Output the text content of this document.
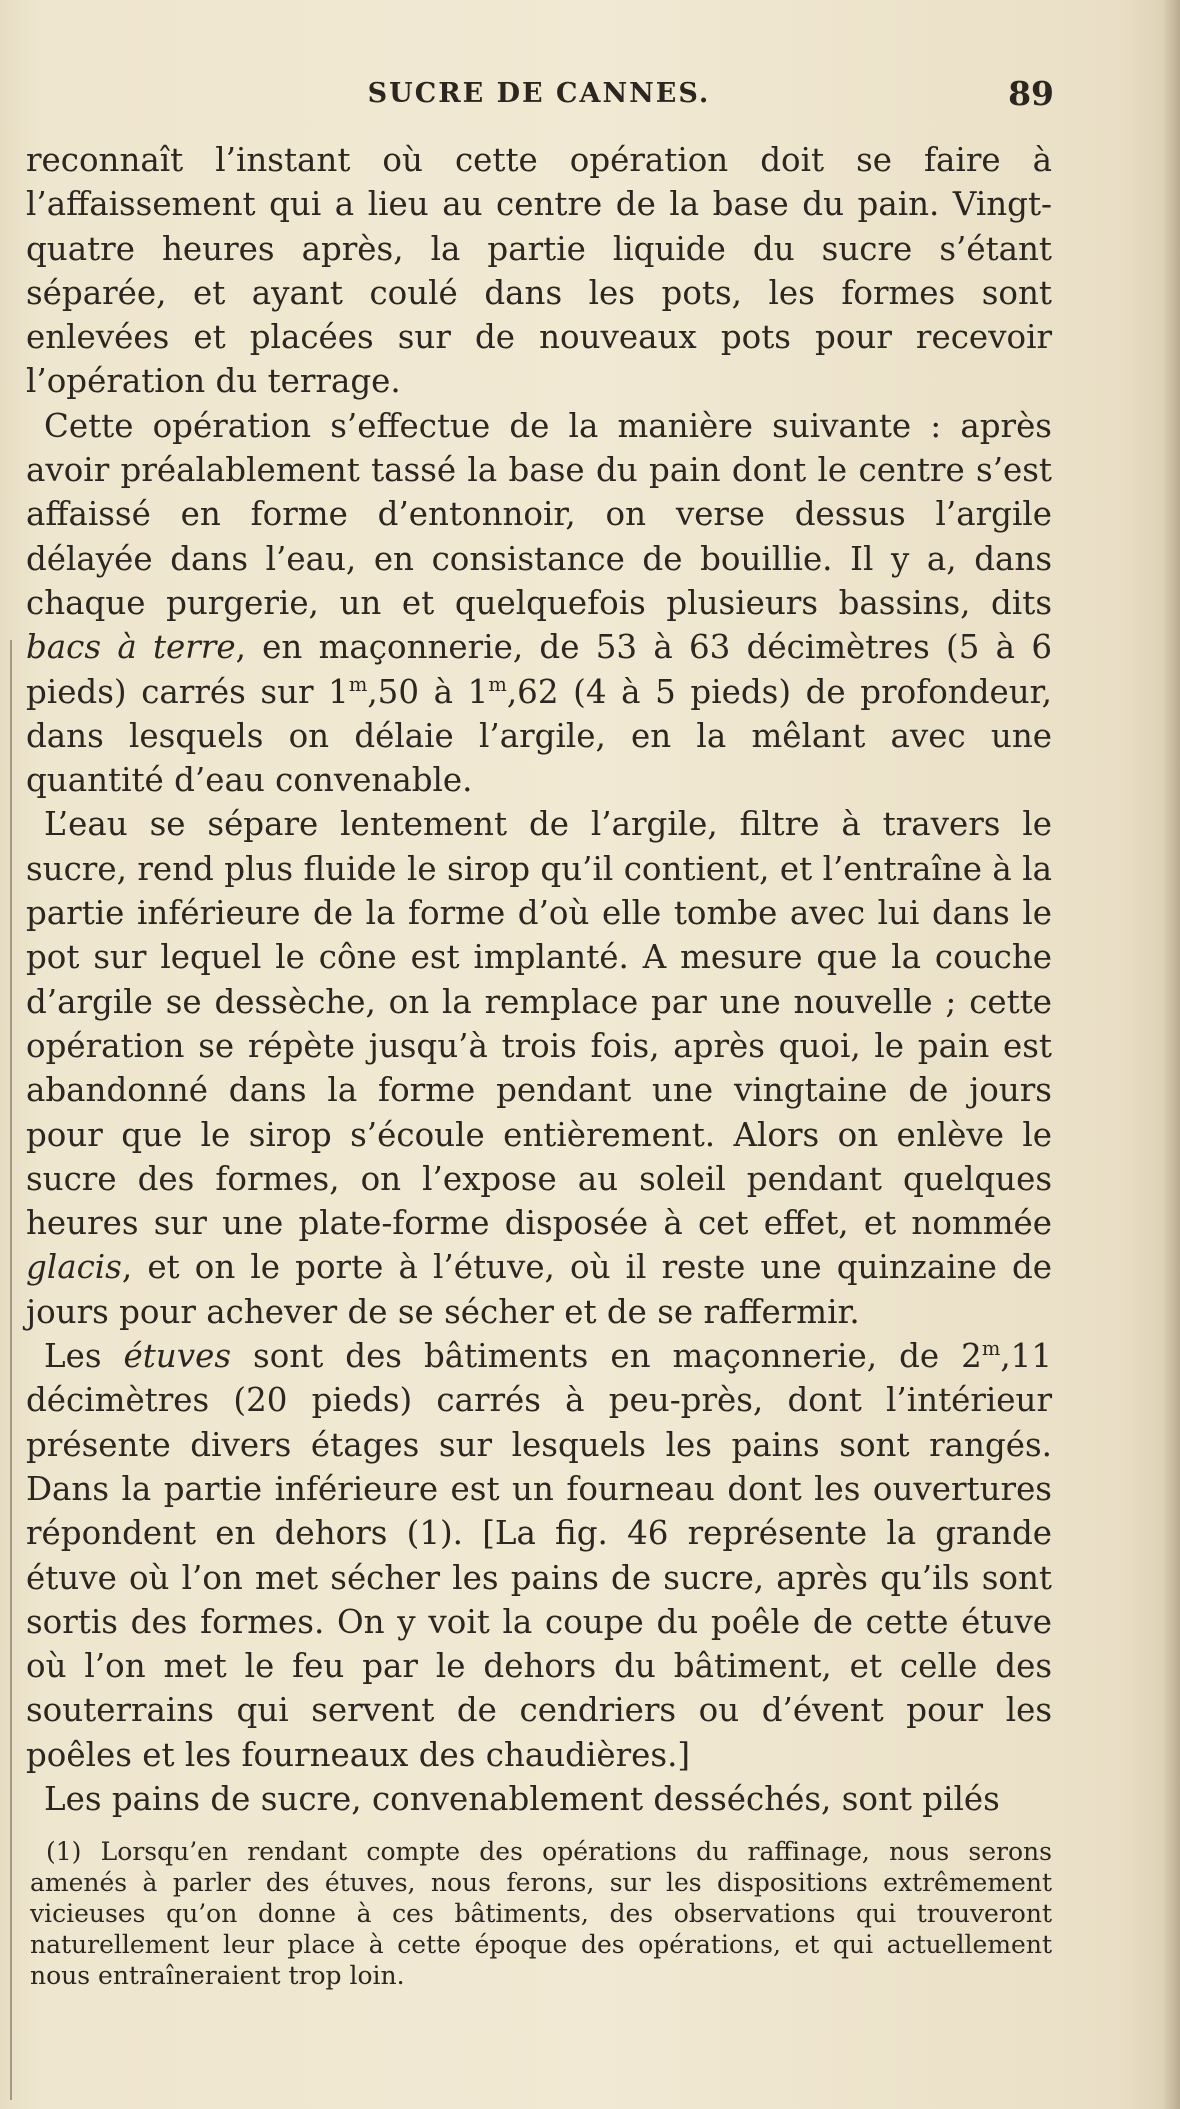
SUCRE DE CANNES.	89

reconnaît l’instant où cette opération doit se faire à l’affaissement qui a lieu au centre de la base du pain. Vingt-quatre heures après, la partie liquide du sucre s’étant séparée, et ayant coulé dans les pots, les formes sont enlevées et placées sur de nouveaux pots pour recevoir l’opération du terrage.

Cette opération s’effectue de la manière suivante : après avoir préalablement tassé la base du pain dont le centre s’est affaissé en forme d’entonnoir, on verse dessus l’argile délayée dans l’eau, en consistance de bouillie. Il y a, dans chaque purgerie, un et quelquefois plusieurs bassins, dits bacs à terre, en maçonnerie, de 53 à 63 décimètres (5 à 6 pieds) carrés sur 1$^m$,50 à 1$^m$,62 (4 à 5 pieds) de profondeur, dans lesquels on délaie l’argile, en la mêlant avec une quantité d’eau convenable.

L’eau se sépare lentement de l’argile, filtre à travers le sucre, rend plus fluide le sirop qu’il contient, et l’entraîne à la partie inférieure de la forme d’où elle tombe avec lui dans le pot sur lequel le cône est implanté. A mesure que la couche d’argile se dessèche, on la remplace par une nouvelle ; cette opération se répète jusqu’à trois fois, après quoi, le pain est abandonné dans la forme pendant une vingtaine de jours pour que le sirop s’écoule entièrement. Alors on enlève le sucre des formes, on l’expose au soleil pendant quelques heures sur une plate-forme disposée à cet effet, et nommée glacis, et on le porte à l’étuve, où il reste une quinzaine de jours pour achever de se sécher et de se raffermir.

Les étuves sont des bâtiments en maçonnerie, de 2$^m$,11 décimètres (20 pieds) carrés à peu-près, dont l’intérieur présente divers étages sur lesquels les pains sont rangés. Dans la partie inférieure est un fourneau dont les ouvertures répondent en dehors (1). [La fig. 46 représente la grande étuve où l’on met sécher les pains de sucre, après qu’ils sont sortis des formes. On y voit la coupe du poêle de cette étuve où l’on met le feu par le dehors du bâtiment, et celle des souterrains qui servent de cendriers ou d’évent pour les poêles et les fourneaux des chaudières.]

Les pains de sucre, convenablement desséchés, sont pilés

(1) Lorsqu’en rendant compte des opérations du raffinage, nous serons amenés à parler des étuves, nous ferons, sur les dispositions extrêmement vicieuses qu’on donne à ces bâtiments, des observations qui trouveront naturellement leur place à cette époque des opérations, et qui actuellement nous entraîneraient trop loin.
